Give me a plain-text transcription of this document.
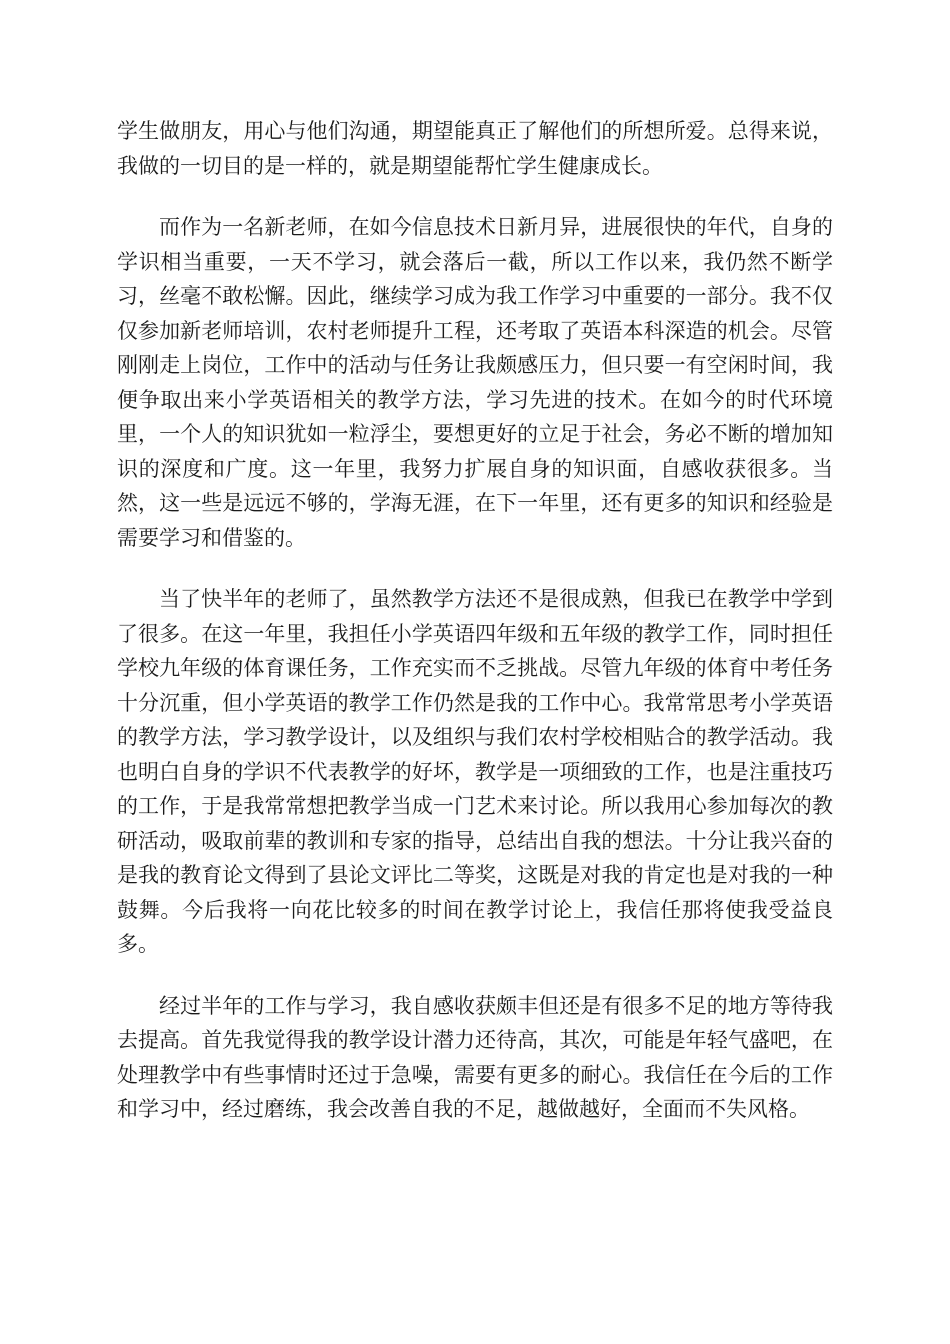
学生做朋友，用心与他们沟通，期望能真正了解他们的所想所爱。总得来说，我做的一切目的是一样的，就是期望能帮忙学生健康成长。

而作为一名新老师，在如今信息技术日新月异，进展很快的年代，自身的学识相当重要，一天不学习，就会落后一截，所以工作以来，我仍然不断学习，丝毫不敢松懈。因此，继续学习成为我工作学习中重要的一部分。我不仅仅参加新老师培训，农村老师提升工程，还考取了英语本科深造的机会。尽管刚刚走上岗位，工作中的活动与任务让我颇感压力，但只要一有空闲时间，我便争取出来小学英语相关的教学方法，学习先进的技术。在如今的时代环境里，一个人的知识犹如一粒浮尘，要想更好的立足于社会，务必不断的增加知识的深度和广度。这一年里，我努力扩展自身的知识面，自感收获很多。当然，这一些是远远不够的，学海无涯，在下一年里，还有更多的知识和经验是需要学习和借鉴的。

当了快半年的老师了，虽然教学方法还不是很成熟，但我已在教学中学到了很多。在这一年里，我担任小学英语四年级和五年级的教学工作，同时担任学校九年级的体育课任务，工作充实而不乏挑战。尽管九年级的体育中考任务十分沉重，但小学英语的教学工作仍然是我的工作中心。我常常思考小学英语的教学方法，学习教学设计，以及组织与我们农村学校相贴合的教学活动。我也明白自身的学识不代表教学的好坏，教学是一项细致的工作，也是注重技巧的工作，于是我常常想把教学当成一门艺术来讨论。所以我用心参加每次的教研活动，吸取前辈的教训和专家的指导，总结出自我的想法。十分让我兴奋的是我的教育论文得到了县论文评比二等奖，这既是对我的肯定也是对我的一种鼓舞。今后我将一向花比较多的时间在教学讨论上，我信任那将使我受益良多。

经过半年的工作与学习，我自感收获颇丰但还是有很多不足的地方等待我去提高。首先我觉得我的教学设计潜力还待高，其次，可能是年轻气盛吧，在处理教学中有些事情时还过于急噪，需要有更多的耐心。我信任在今后的工作和学习中，经过磨练，我会改善自我的不足，越做越好，全面而不失风格。
